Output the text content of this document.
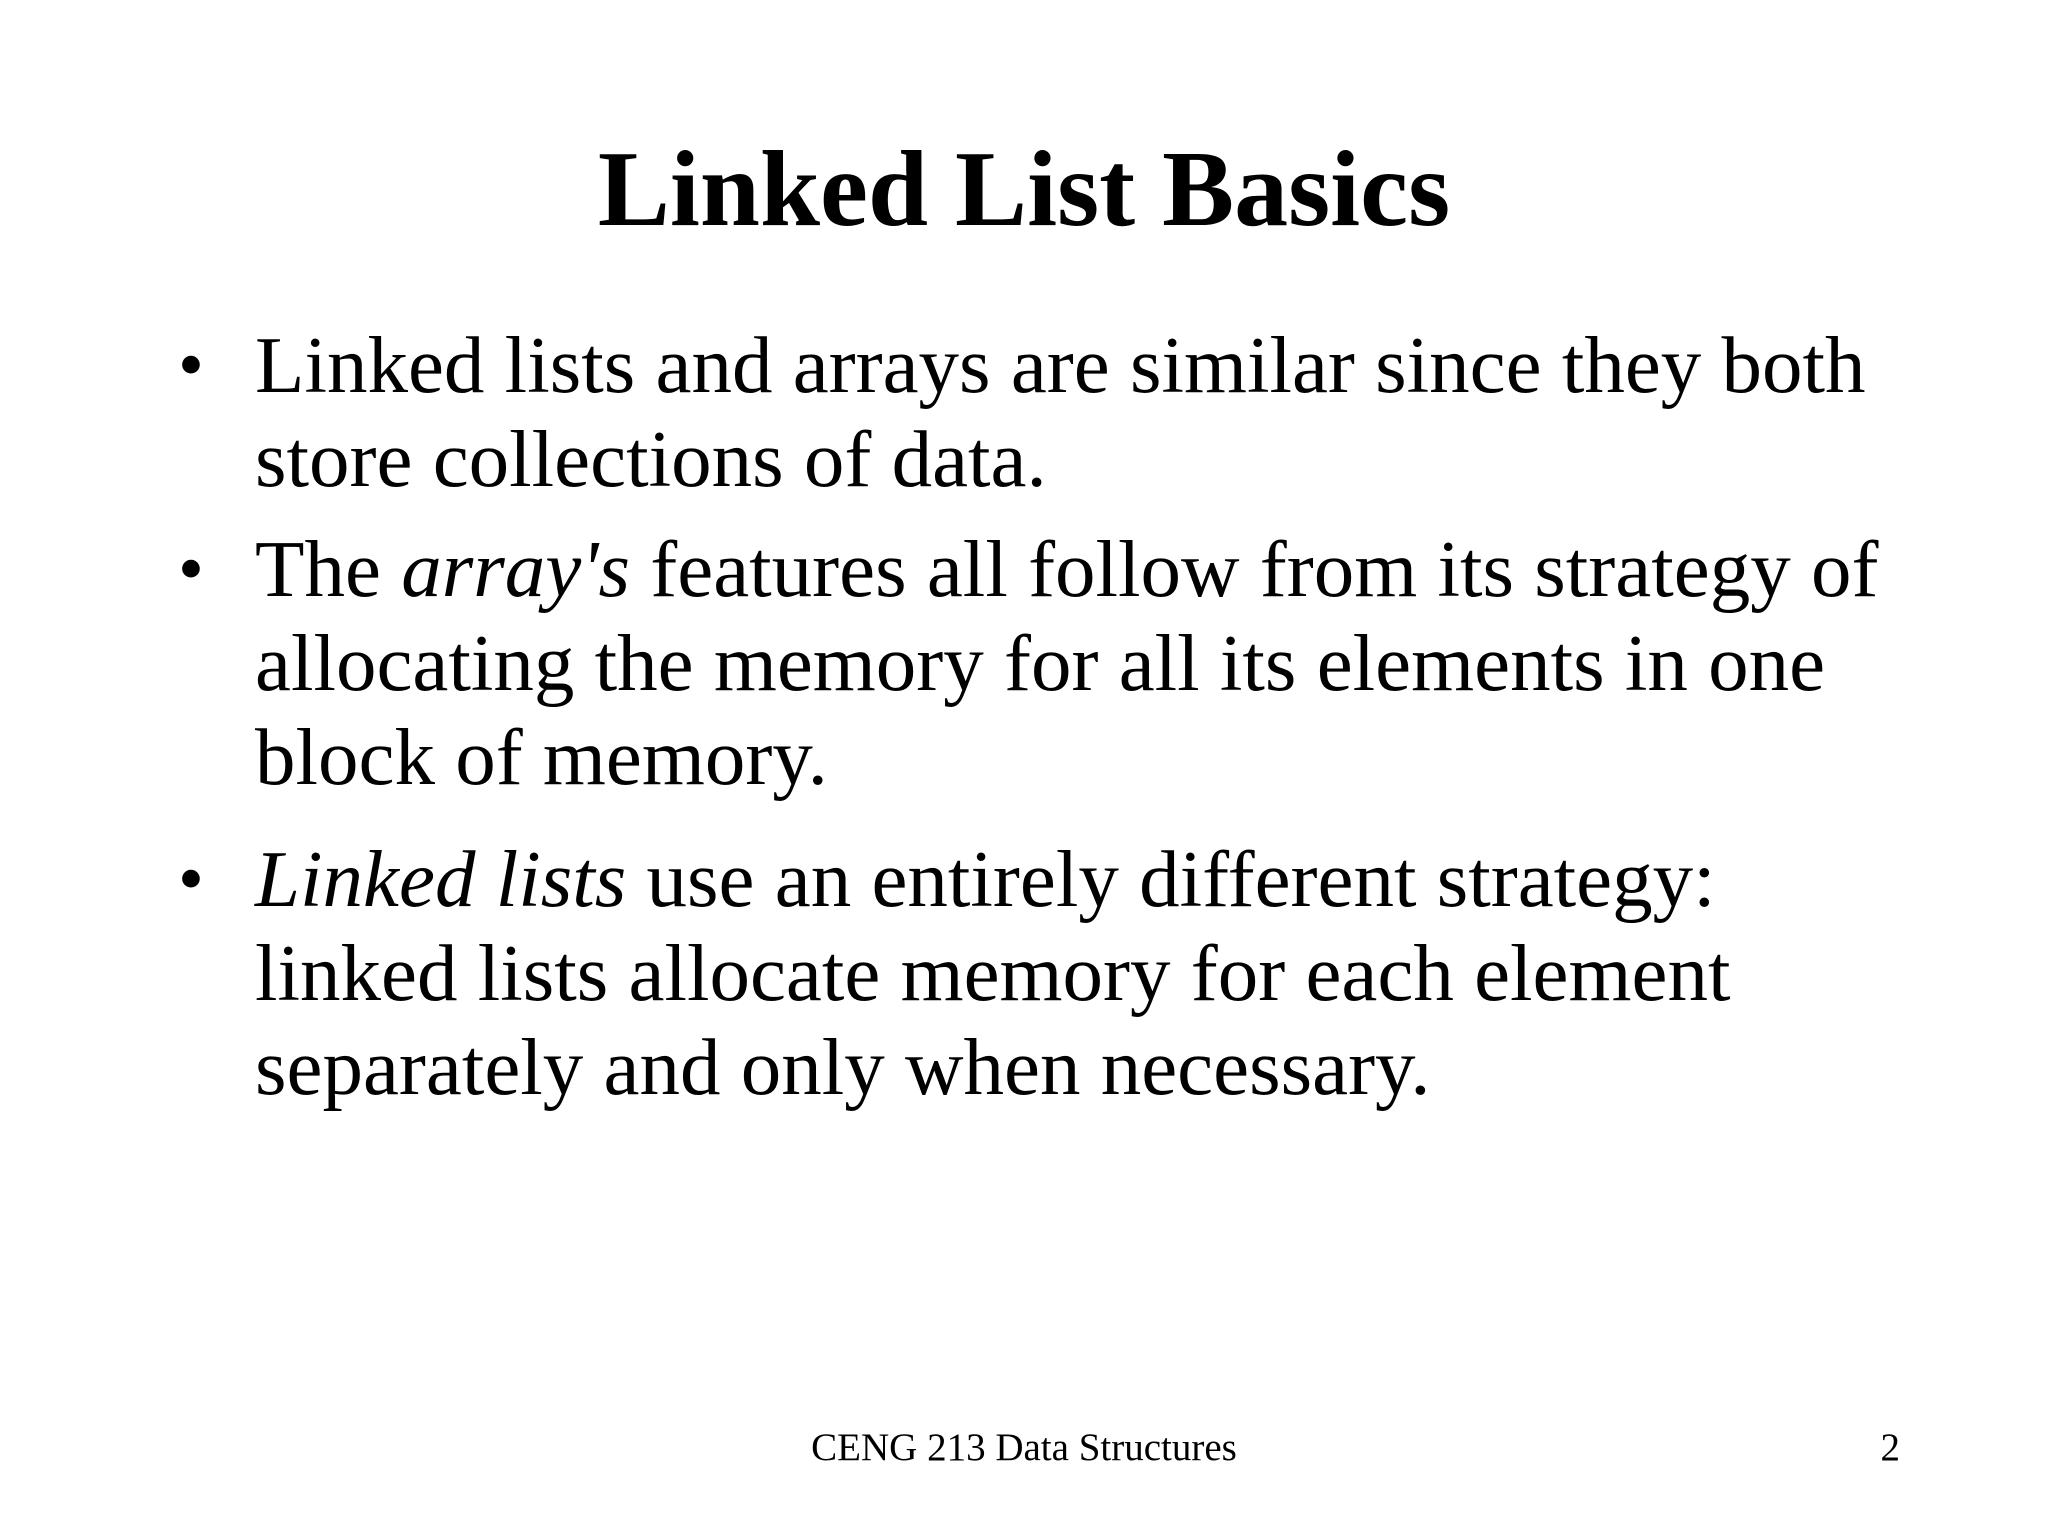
Linked List Basics
• Linked lists and arrays are similar since they both
store collections of data.
• The array's features all follow from its strategy of
allocating the memory for all its elements in one
block of memory.
• Linked lists use an entirely different strategy:
linked lists allocate memory for each element
separately and only when necessary.
CENG 213 Data Structures	2
